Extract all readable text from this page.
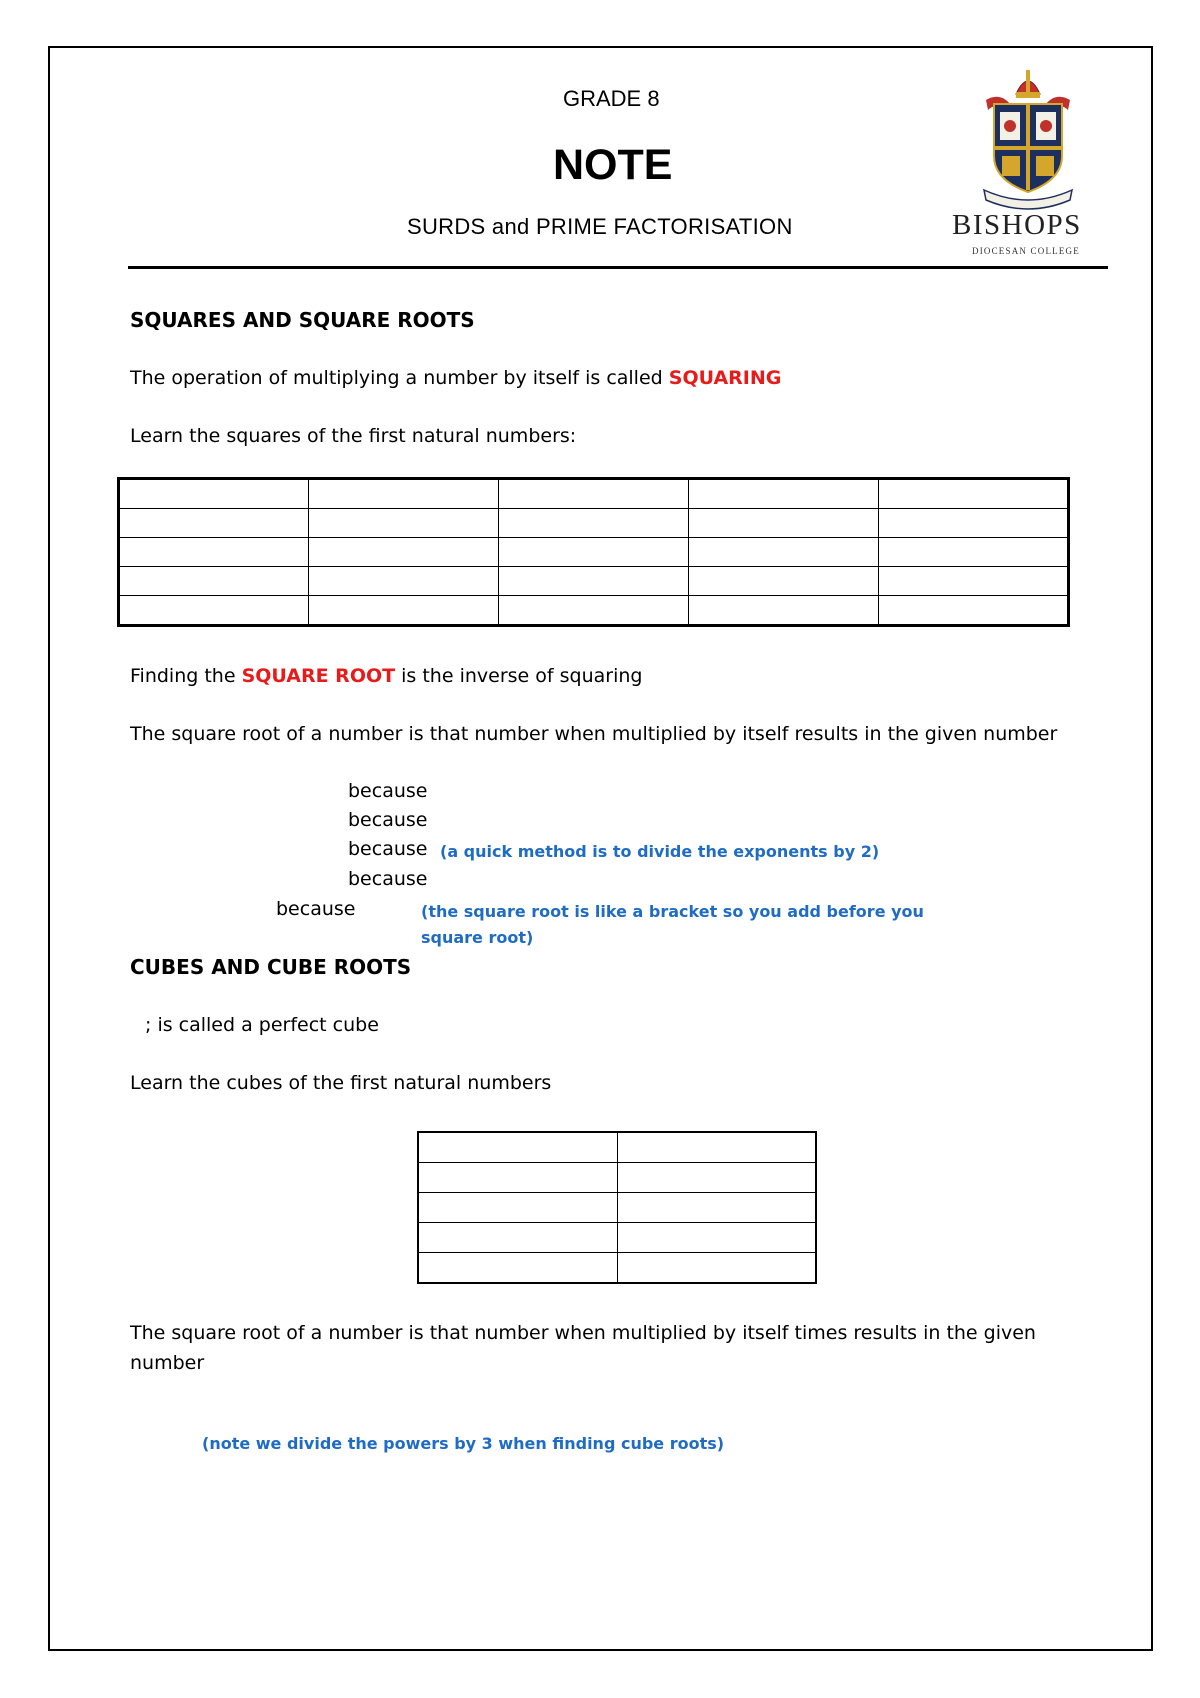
GRADE 8
NOTE
SURDS and PRIME FACTORISATION	BISHOPS
DIOCESAN COLLEGE
SQUARES AND SQUARE ROOTS
The operation of multiplying a number by itself is called SQUARING
Learn the squares of the first natural numbers:

Finding the SQUARE ROOT is the inverse of squaring
The square root of a number is that number when multiplied by itself results in the given number
because
because
because (a quick method is to divide the exponents by 2)
because
because	(the square root is like a bracket so you add before you
square root)
CUBES AND CUBE ROOTS
; is called a perfect cube
Learn the cubes of the first natural numbers

The square root of a number is that number when multiplied by itself times results in the given
number
(note we divide the powers by 3 when finding cube roots)
